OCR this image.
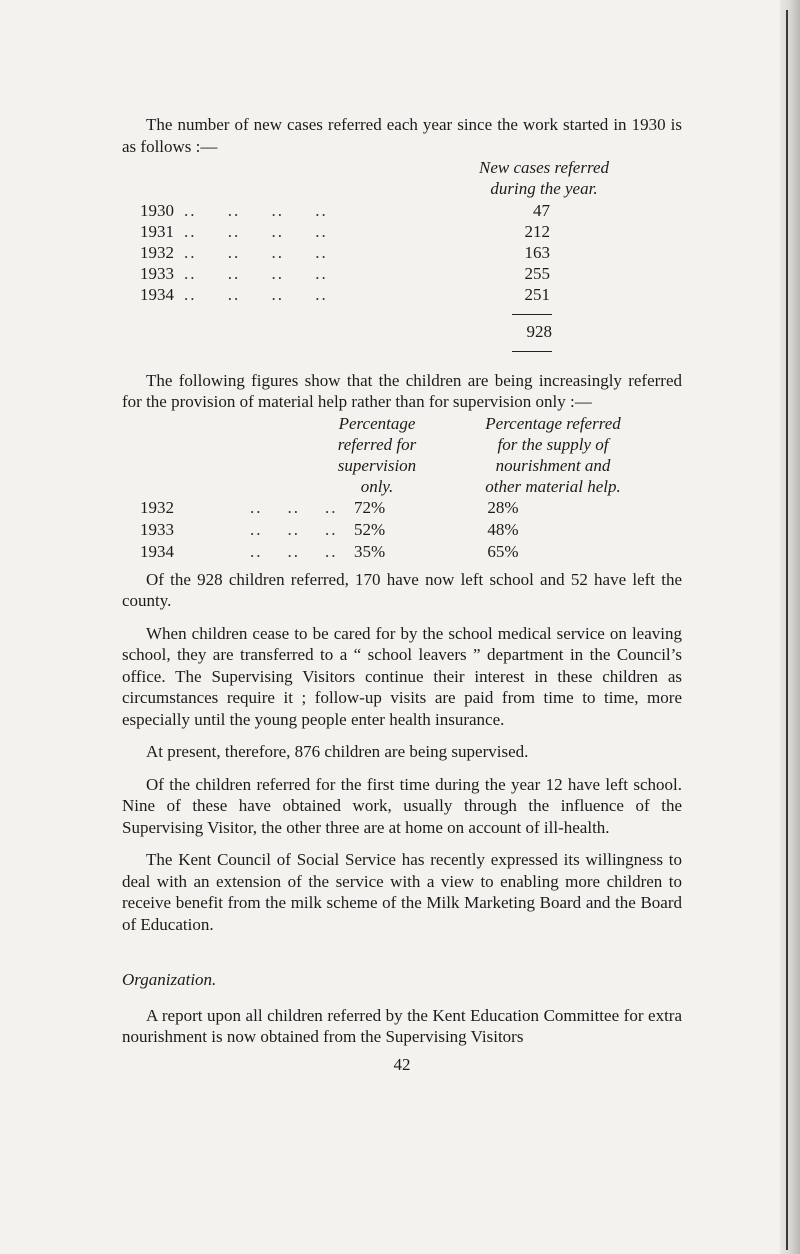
The number of new cases referred each year since the work started in 1930 is as follows :—

New cases referred
during the year.
1930 ..     ..     ..     ..	47
1931 ..     ..     ..     ..	212
1932 ..     ..     ..     ..	163
1933 ..     ..     ..     ..	255
1934 ..     ..     ..     ..	251
928

The following figures show that the children are being increasingly referred for the provision of material help rather than for supervision only :—

Percentage
referred for
supervision
only.
Percentage referred
for the supply of
nourishment and
other material help.
1932	..    ..    .. 72%	28%
1933	..    ..    .. 52%	48%
1934	..    ..    .. 35%	65%

Of the 928 children referred, 170 have now left school and 52 have left the county.

When children cease to be cared for by the school medical service on leaving school, they are transferred to a “ school leavers ” department in the Council’s office. The Supervising Visitors continue their interest in these children as circumstances require it ; follow-up visits are paid from time to time, more especially until the young people enter health insurance.

At present, therefore, 876 children are being supervised.

Of the children referred for the first time during the year 12 have left school. Nine of these have obtained work, usually through the influence of the Supervising Visitor, the other three are at home on account of ill-health.

The Kent Council of Social Service has recently expressed its willingness to deal with an extension of the service with a view to enabling more children to receive benefit from the milk scheme of the Milk Marketing Board and the Board of Education.

Organization.

A report upon all children referred by the Kent Education Committee for extra nourishment is now obtained from the Supervising Visitors

42
